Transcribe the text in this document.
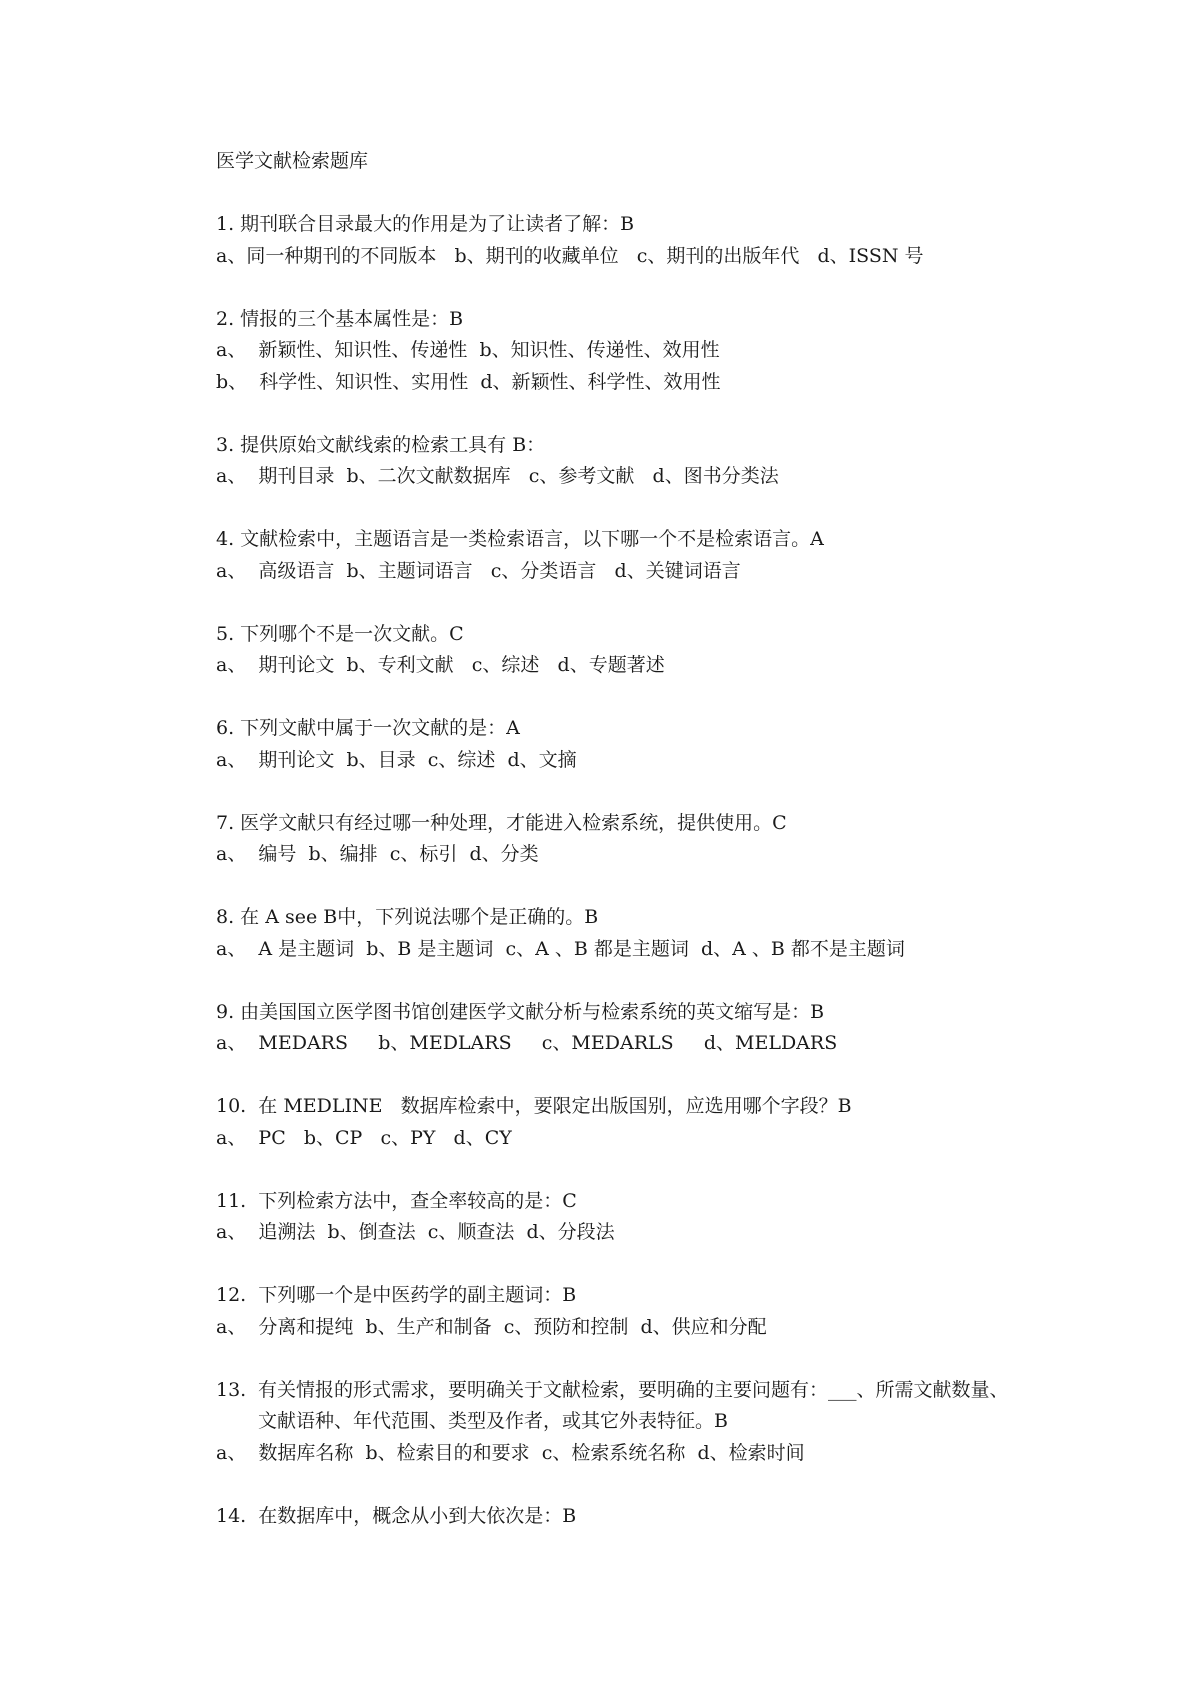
医学文献检索题库
1. 期刊联合目录最大的作用是为了让读者了解：B
a、同一种期刊的不同版本   b、期刊的收藏单位   c、期刊的出版年代   d、ISSN 号
2. 情报的三个基本属性是：B
a、  新颖性、知识性、传递性  b、知识性、传递性、效用性
b、  科学性、知识性、实用性  d、新颖性、科学性、效用性
3. 提供原始文献线索的检索工具有 B：
a、  期刊目录  b、二次文献数据库   c、参考文献   d、图书分类法
4. 文献检索中，主题语言是一类检索语言，以下哪一个不是检索语言。A
a、  高级语言  b、主题词语言   c、分类语言   d、关键词语言
5. 下列哪个不是一次文献。C
a、  期刊论文  b、专利文献   c、综述   d、专题著述
6. 下列文献中属于一次文献的是：A
a、  期刊论文  b、目录  c、综述  d、文摘
7. 医学文献只有经过哪一种处理，才能进入检索系统，提供使用。C
a、  编号  b、编排  c、标引  d、分类
8. 在 A see B中，下列说法哪个是正确的。B
a、  A 是主题词  b、B 是主题词  c、A 、B 都是主题词  d、A 、B 都不是主题词
9. 由美国国立医学图书馆创建医学文献分析与检索系统的英文缩写是：B
a、  MEDARS     b、MEDLARS     c、MEDARLS     d、MELDARS
10.  在 MEDLINE   数据库检索中，要限定出版国别，应选用哪个字段？B
a、  PC   b、CP   c、PY   d、CY
11.  下列检索方法中，查全率较高的是：C
a、  追溯法  b、倒查法  c、顺查法  d、分段法
12.  下列哪一个是中医药学的副主题词：B
a、  分离和提纯  b、生产和制备  c、预防和控制  d、供应和分配
13. 有关情报的形式需求，要明确关于文献检索，要明确的主要问题有：___、所需文献数量、文献语种、年代范围、类型及作者，或其它外表特征。B
a、  数据库名称  b、检索目的和要求  c、检索系统名称  d、检索时间
14.  在数据库中，概念从小到大依次是：B
